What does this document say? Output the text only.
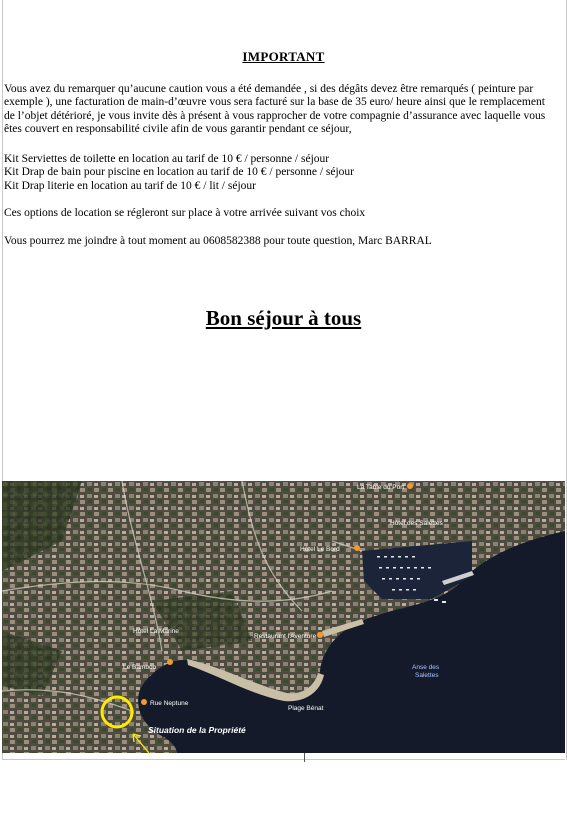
IMPORTANT
Vous avez du remarquer qu’aucune caution vous a été demandée , si des dégâts devez être remarqués ( peinture par
exemple ), une facturation de main-d’œuvre vous sera facturé sur la base de 35 euro/ heure ainsi que le remplacement
de l’objet détérioré, je vous invite dès à présent à vous rapprocher de votre compagnie d’assurance avec laquelle vous
êtes couvert en responsabilité civile afin de vous garantir pendant ce séjour,
Kit Serviettes de toilette en location au tarif de 10 € / personne / séjour
Kit Drap de bain pour piscine en location au tarif de 10 € / personne / séjour
Kit Drap literie en location au tarif de 10 € / lit / séjour
Ces options de location se régleront sur place à votre arrivée suivant vos choix
Vous pourrez me joindre à tout moment au 0608582388 pour toute question, Marc BARRAL
Bon séjour à tous
La Table du Port
Hôtel des Salettes
Hôtel Le Bord
Hôtel La Marine
Restaurant l'Aventure
Le Bamboo
Rue Neptune
Plage Bénat
Anse des
Salettes
Situation de la Propriété
